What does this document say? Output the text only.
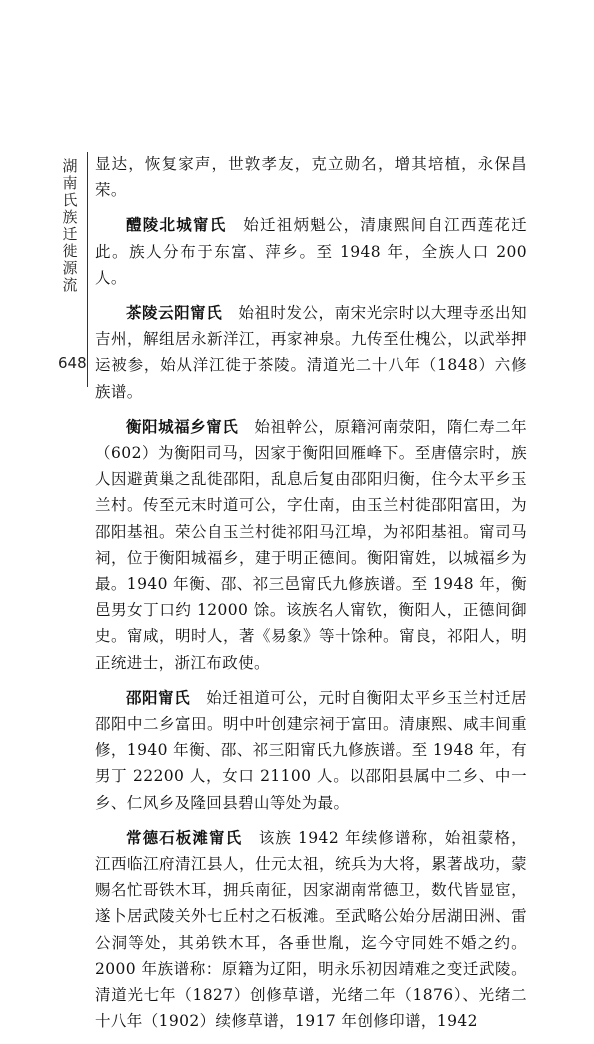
湖南氏族迁徙源流
648

显达，恢复家声，世敦孝友，克立勋名，增其培植，永保昌荣。

醴陵北城甯氏　 始迁祖炳魁公，清康熙间自江西莲花迁此。族人分布于东富、萍乡。至 1948 年，全族人口 200 人。

茶陵云阳甯氏　 始祖时发公，南宋光宗时以大理寺丞出知吉州，解组居永新洋江，再家神泉。九传至仕槐公，以武举押运被参，始从洋江徙于茶陵。清道光二十八年（1848）六修族谱。

衡阳城福乡甯氏　 始祖幹公，原籍河南荥阳，隋仁寿二年（602）为衡阳司马，因家于衡阳回雁峰下。至唐僖宗时，族人因避黄巢之乱徙邵阳，乱息后复由邵阳归衡，住今太平乡玉兰村。传至元末时道可公，字仕南，由玉兰村徙邵阳富田，为邵阳基祖。荣公自玉兰村徙祁阳马江埠，为祁阳基祖。甯司马祠，位于衡阳城福乡，建于明正德间。衡阳甯姓，以城福乡为最。1940 年衡、邵、祁三邑甯氏九修族谱。至 1948 年，衡邑男女丁口约 12000 馀。该族名人甯钦，衡阳人，正德间御史。甯咸，明时人，著《易象》等十馀种。甯良，祁阳人，明正统进士，浙江布政使。

邵阳甯氏　 始迁祖道可公，元时自衡阳太平乡玉兰村迁居邵阳中二乡富田。明中叶创建宗祠于富田。清康熙、咸丰间重修，1940 年衡、邵、祁三阳甯氏九修族谱。至 1948 年，有男丁 22200 人，女口 21100 人。以邵阳县属中二乡、中一乡、仁风乡及隆回县碧山等处为最。

常德石板滩甯氏　 该族 1942 年续修谱称，始祖蒙格，江西临江府清江县人，仕元太祖，统兵为大将，累著战功，蒙赐名忙哥铁木耳，拥兵南征，因家湖南常德卫，数代皆显宦，遂卜居武陵关外七丘村之石板滩。至武略公始分居湖田洲、雷公洞等处，其弟铁木耳，各垂世胤，迄今守同姓不婚之约。2000 年族谱称：原籍为辽阳，明永乐初因靖难之变迁武陵。清道光七年（1827）创修草谱，光绪二年（1876）、光绪二十八年（1902）续修草谱，1917 年创修印谱，1942
